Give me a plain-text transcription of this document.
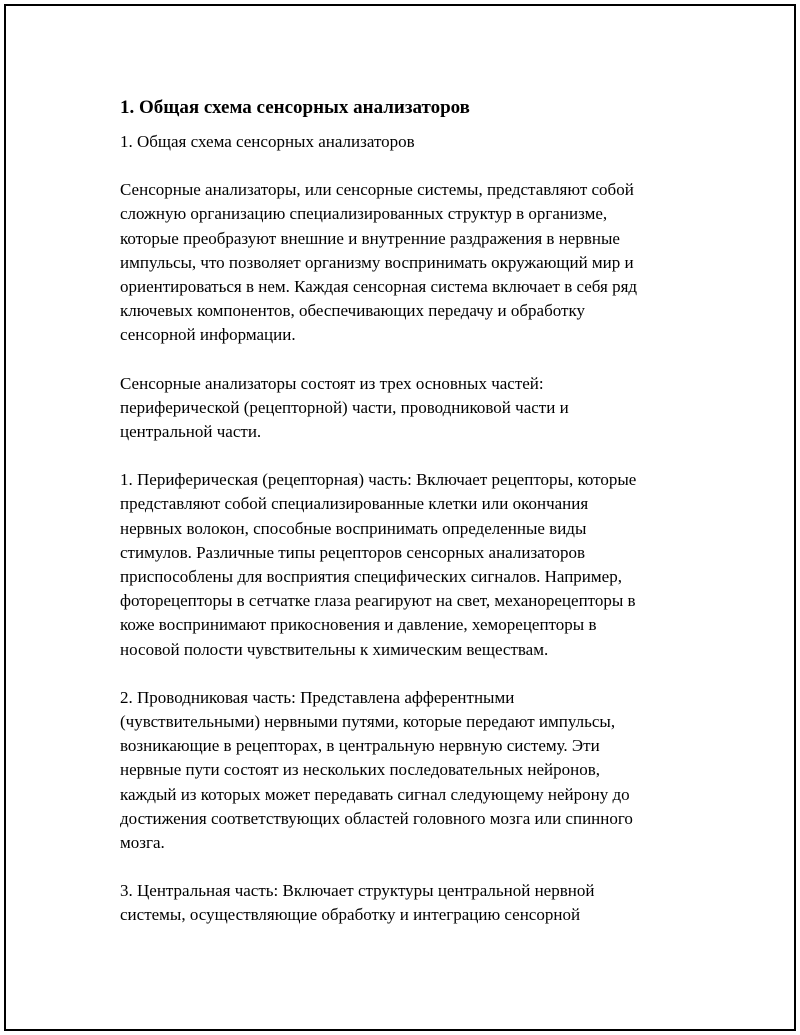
1. Общая схема сенсорных анализаторов
1. Общая схема сенсорных анализаторов
Сенсорные анализаторы, или сенсорные системы, представляют собой
сложную организацию специализированных структур в организме,
которые преобразуют внешние и внутренние раздражения в нервные
импульсы, что позволяет организму воспринимать окружающий мир и
ориентироваться в нем. Каждая сенсорная система включает в себя ряд
ключевых компонентов, обеспечивающих передачу и обработку
сенсорной информации.
Сенсорные анализаторы состоят из трех основных частей:
периферической (рецепторной) части, проводниковой части и
центральной части.
1. Периферическая (рецепторная) часть: Включает рецепторы, которые
представляют собой специализированные клетки или окончания
нервных волокон, способные воспринимать определенные виды
стимулов. Различные типы рецепторов сенсорных анализаторов
приспособлены для восприятия специфических сигналов. Например,
фоторецепторы в сетчатке глаза реагируют на свет, механорецепторы в
коже воспринимают прикосновения и давление, хеморецепторы в
носовой полости чувствительны к химическим веществам.
2. Проводниковая часть: Представлена афферентными
(чувствительными) нервными путями, которые передают импульсы,
возникающие в рецепторах, в центральную нервную систему. Эти
нервные пути состоят из нескольких последовательных нейронов,
каждый из которых может передавать сигнал следующему нейрону до
достижения соответствующих областей головного мозга или спинного
мозга.
3. Центральная часть: Включает структуры центральной нервной
системы, осуществляющие обработку и интеграцию сенсорной
